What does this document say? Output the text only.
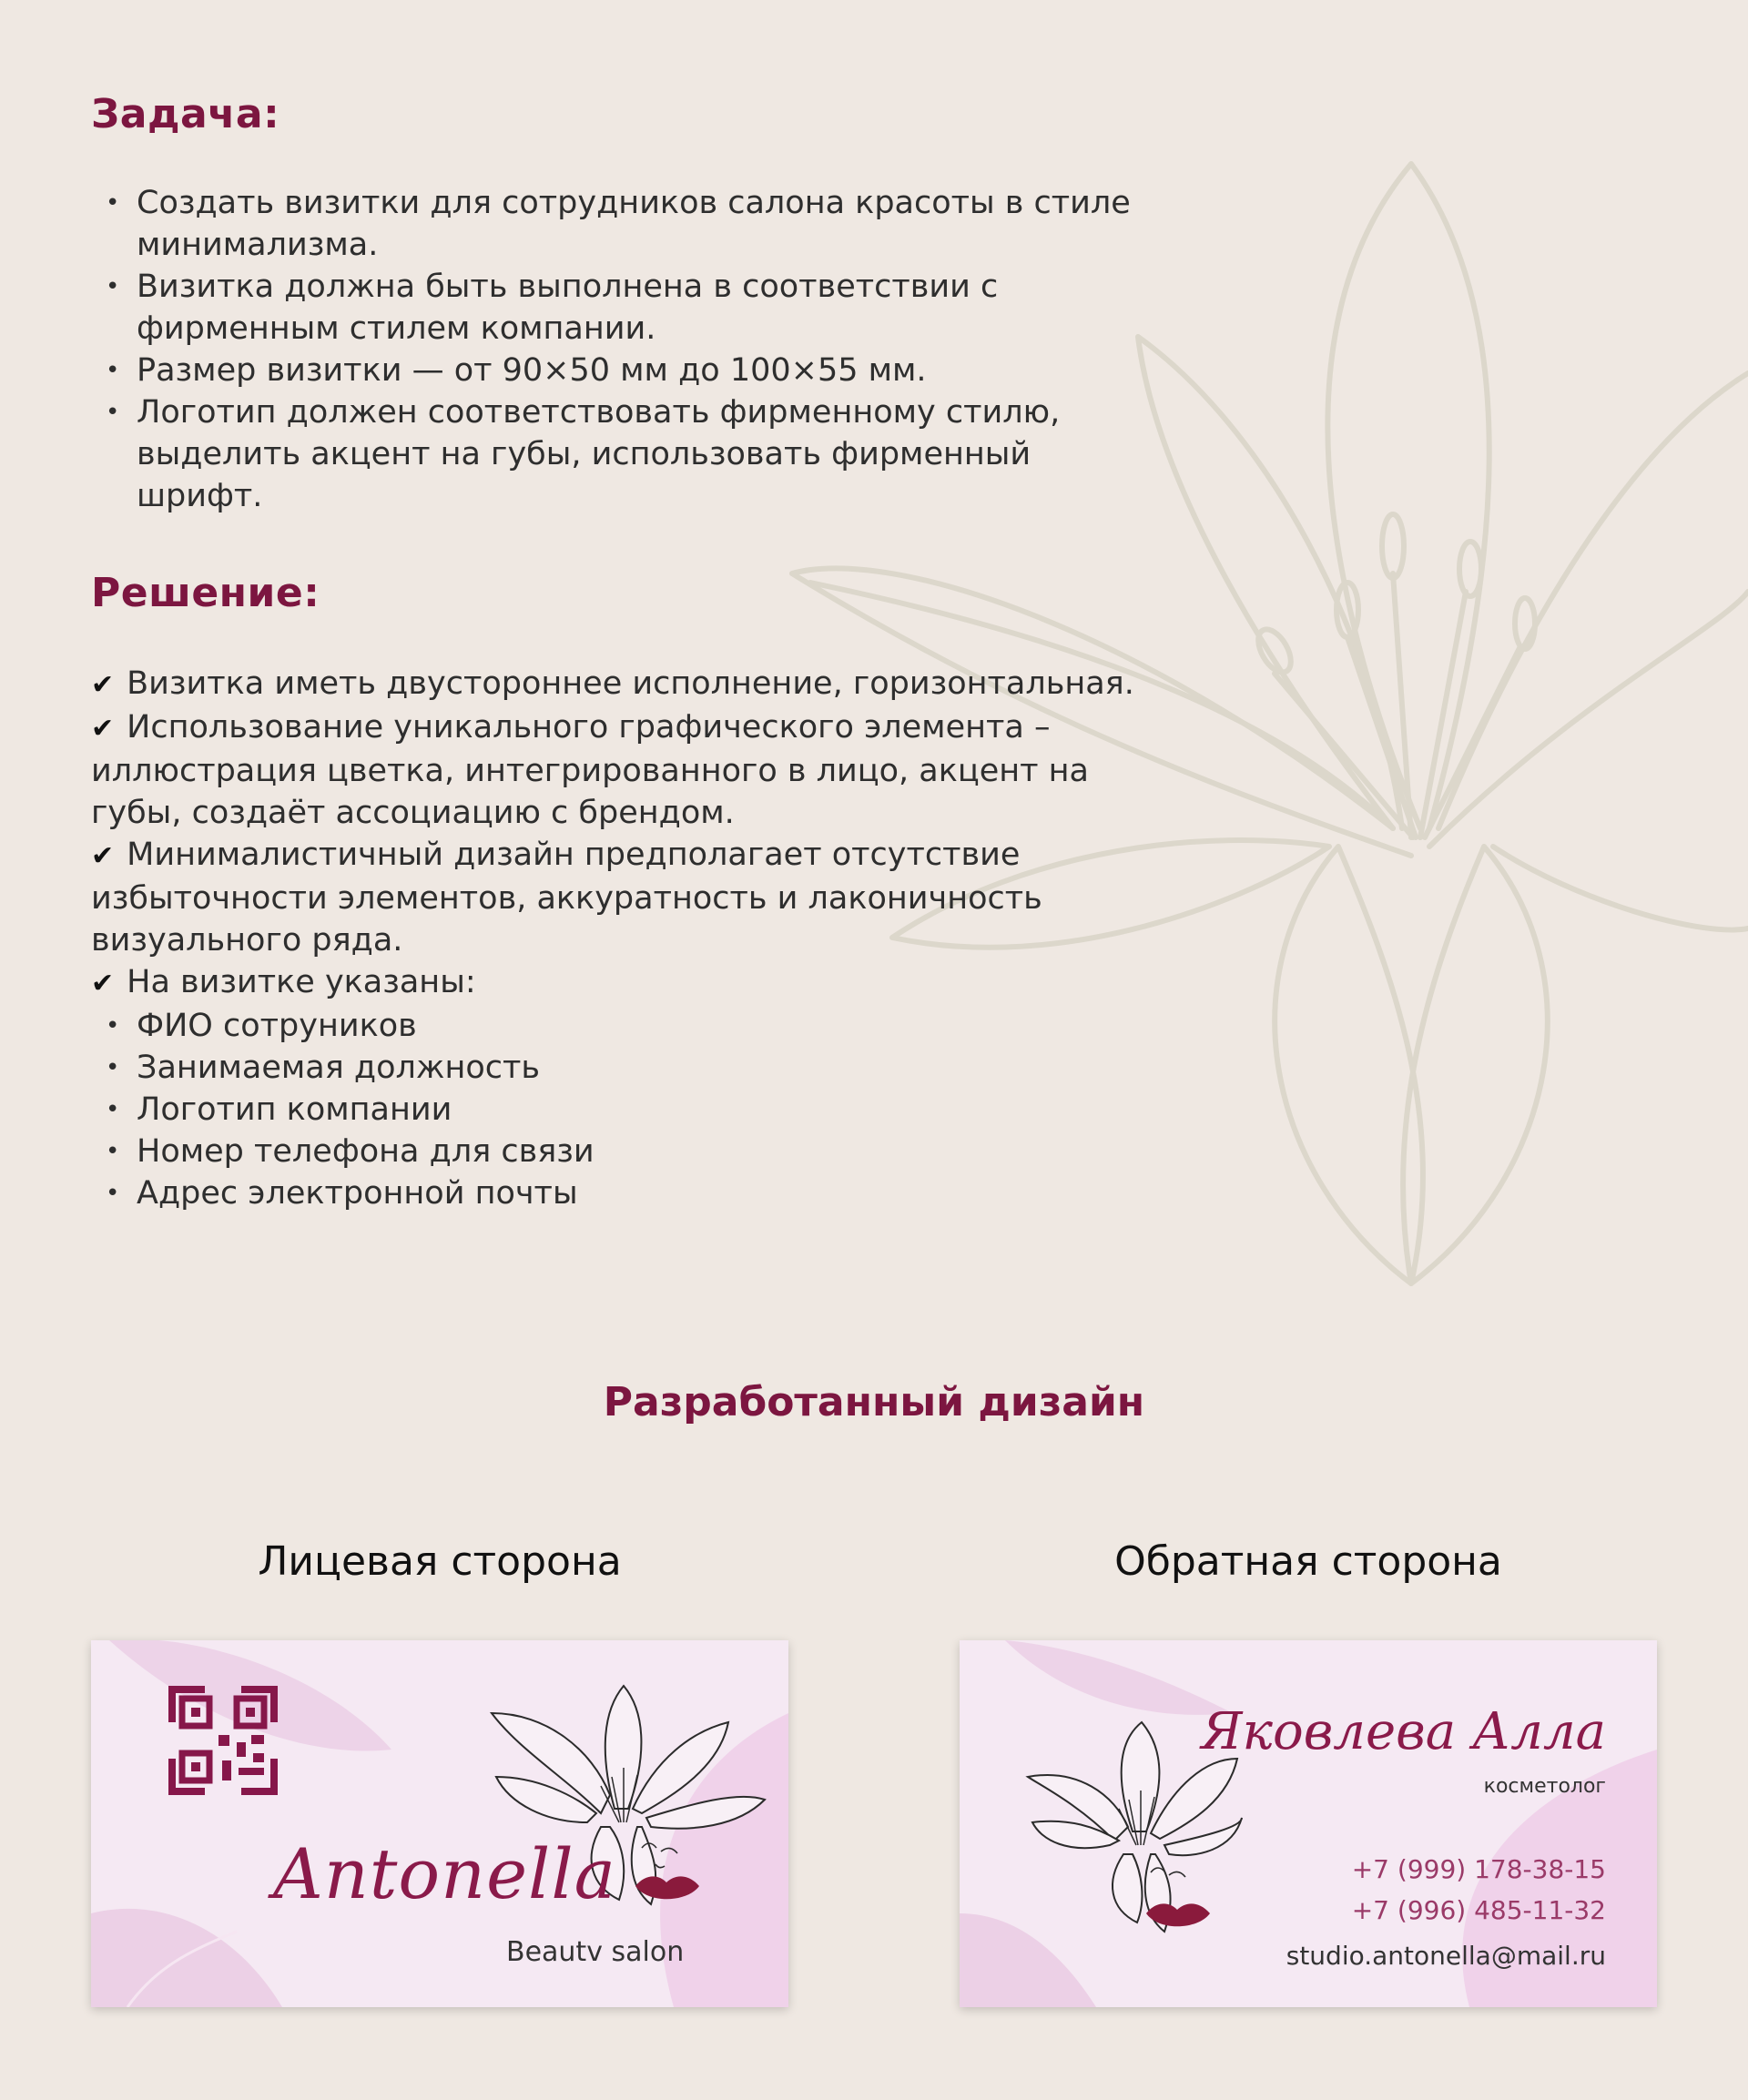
Задача:
• Создать визитки для сотрудников салона красоты в стиле минимализма.
• Визитка должна быть выполнена в соответствии с фирменным стилем компании.
• Размер визитки — от 90×50 мм до 100×55 мм.
• Логотип должен соответствовать фирменному стилю, выделить акцент на губы, использовать фирменный шрифт.
Решение:
✔ Визитка иметь двустороннее исполнение, горизонтальная.
✔ Использование уникального графического элемента – иллюстрация цветка, интегрированного в лицо, акцент на губы, создаёт ассоциацию с брендом.
✔ Минималистичный дизайн предполагает отсутствие избыточности элементов, аккуратность и лаконичность визуального ряда.
✔ На визитке указаны:
• ФИО сотруников
• Занимаемая должность
• Логотип компании
• Номер телефона для связи
• Адрес электронной почты
Разработанный дизайн
Лицевая сторона	Обратная сторона
Antonella
Beautv salon
Яковлева Алла
косметолог
+7 (999) 178-38-15
+7 (996) 485-11-32
studio.antonella@mail.ru
